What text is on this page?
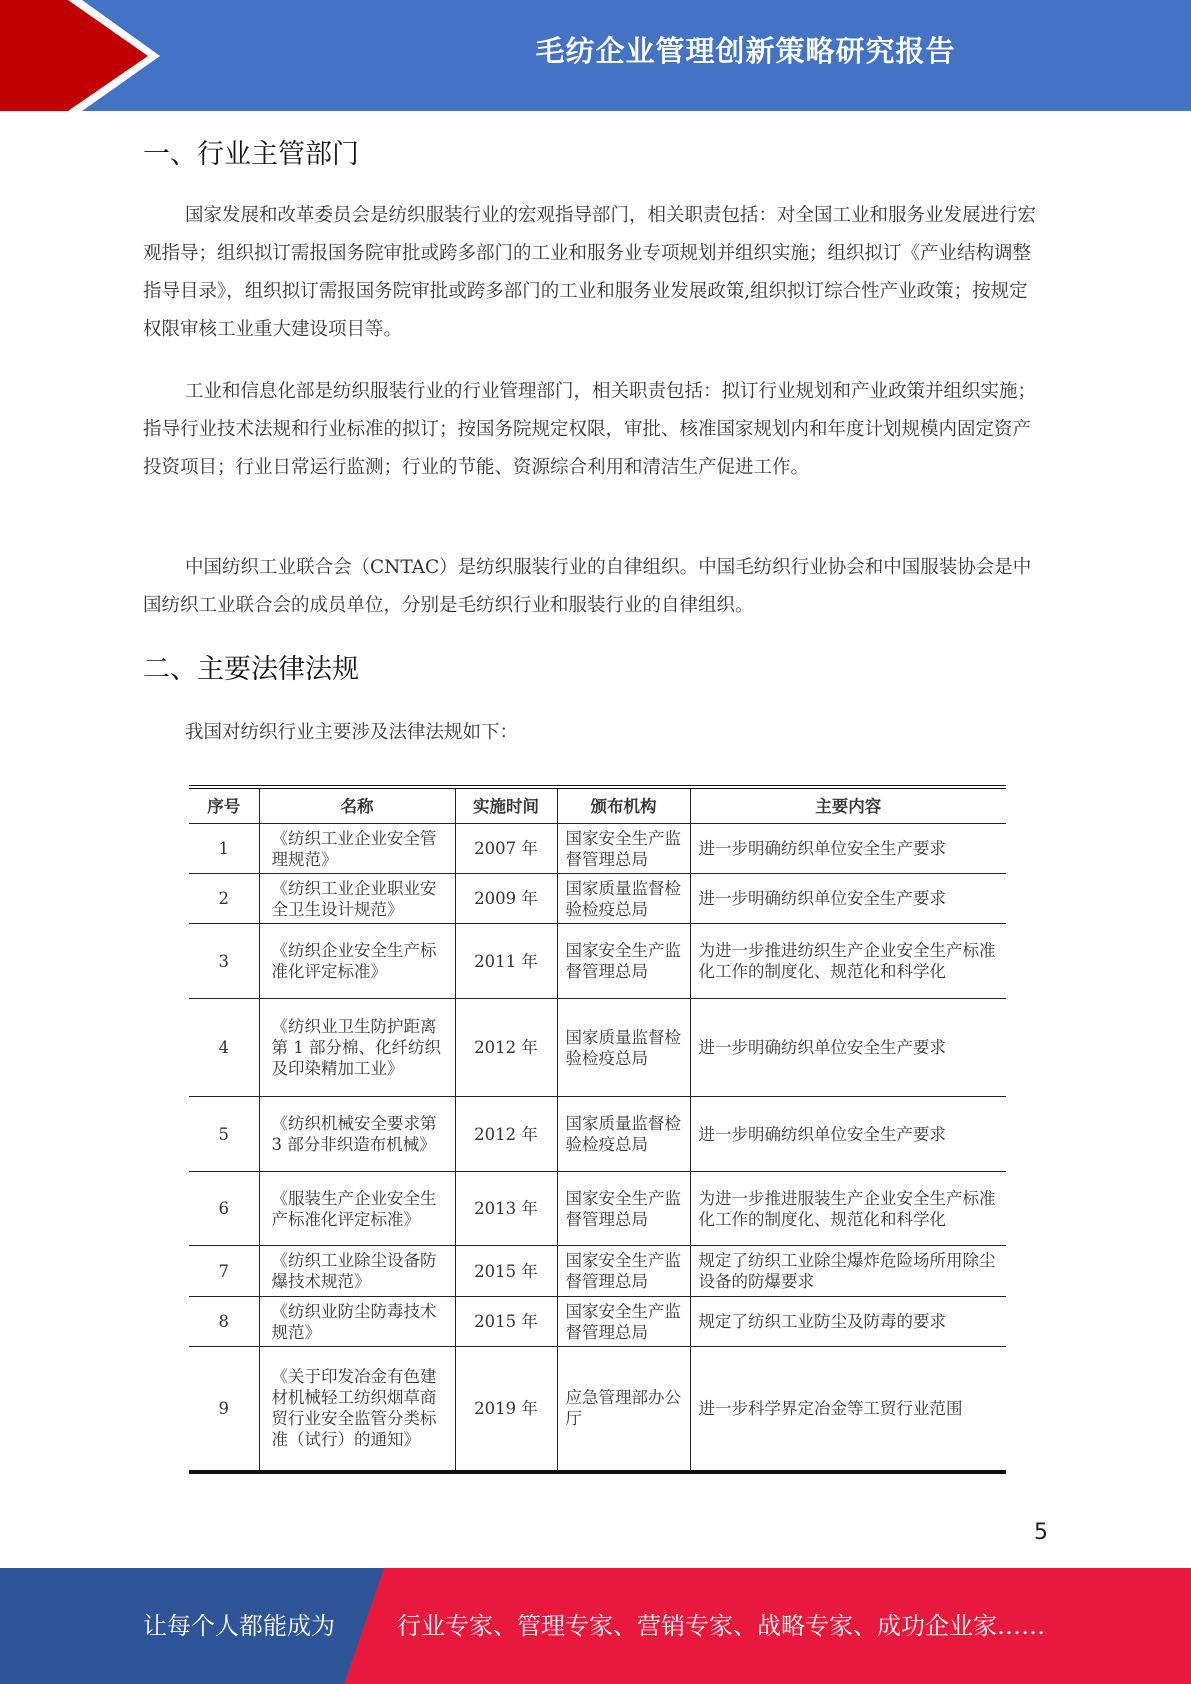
毛纺企业管理创新策略研究报告
一、行业主管部门

国家发展和改革委员会是纺织服装行业的宏观指导部门，相关职责包括：对全国工业和服务业发展进行宏观指导；组织拟订需报国务院审批或跨多部门的工业和服务业专项规划并组织实施；组织拟订《产业结构调整指导目录》，组织拟订需报国务院审批或跨多部门的工业和服务业发展政策,组织拟订综合性产业政策；按规定权限审核工业重大建设项目等。

工业和信息化部是纺织服装行业的行业管理部门，相关职责包括：拟订行业规划和产业政策并组织实施；指导行业技术法规和行业标准的拟订；按国务院规定权限，审批、核准国家规划内和年度计划规模内固定资产投资项目；行业日常运行监测；行业的节能、资源综合利用和清洁生产促进工作。

中国纺织工业联合会（CNTAC）是纺织服装行业的自律组织。中国毛纺织行业协会和中国服装协会是中国纺织工业联合会的成员单位，分别是毛纺织行业和服装行业的自律组织。

二、主要法律法规

我国对纺织行业主要涉及法律法规如下：

序号	名称	实施时间	颁布机构	主要内容
1	《纺织工业企业安全管理规范》	2007 年	国家安全生产监督管理总局	进一步明确纺织单位安全生产要求
2	《纺织工业企业职业安全卫生设计规范》	2009 年	国家质量监督检验检疫总局	进一步明确纺织单位安全生产要求
3	《纺织企业安全生产标准化评定标准》	2011 年	国家安全生产监督管理总局	为进一步推进纺织生产企业安全生产标准化工作的制度化、规范化和科学化
4	《纺织业卫生防护距离第 1 部分棉、化纤纺织及印染精加工业》	2012 年	国家质量监督检验检疫总局	进一步明确纺织单位安全生产要求
5	《纺织机械安全要求第 3 部分非织造布机械》	2012 年	国家质量监督检验检疫总局	进一步明确纺织单位安全生产要求
6	《服装生产企业安全生产标准化评定标准》	2013 年	国家安全生产监督管理总局	为进一步推进服装生产企业安全生产标准化工作的制度化、规范化和科学化
7	《纺织工业除尘设备防爆技术规范》	2015 年	国家安全生产监督管理总局	规定了纺织工业除尘爆炸危险场所用除尘设备的防爆要求
8	《纺织业防尘防毒技术规范》	2015 年	国家安全生产监督管理总局	规定了纺织工业防尘及防毒的要求
9	《关于印发冶金有色建材机械轻工纺织烟草商贸行业安全监管分类标准（试行）的通知》	2019 年	应急管理部办公厅	进一步科学界定冶金等工贸行业范围
5
让每个人都能成为	行业专家、管理专家、营销专家、战略专家、成功企业家……
